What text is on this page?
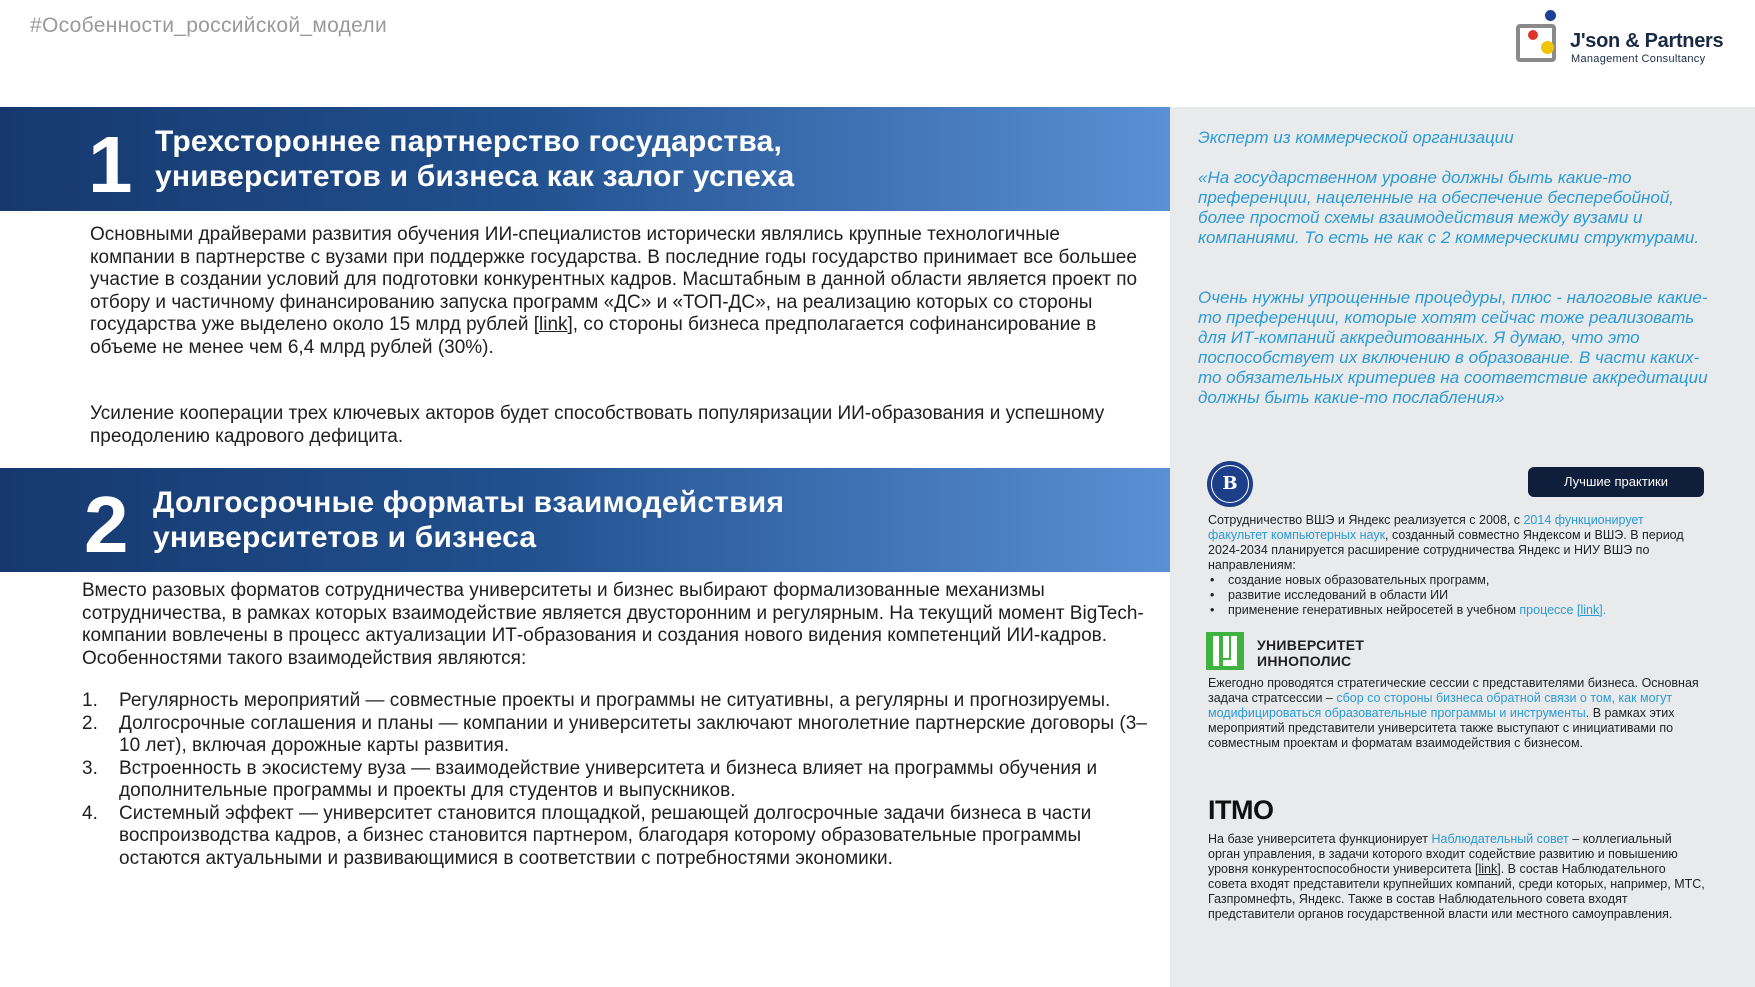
#Особенности_российской_модели
J'son & Partners
Management Consultancy
1 Трехстороннее партнерство государства,
университетов и бизнеса как залог успеха
Основными драйверами развития обучения ИИ-специалистов исторически являлись крупные технологичные компании в партнерстве с вузами при поддержке государства. В последние годы государство принимает все большее участие в создании условий для подготовки конкурентных кадров. Масштабным в данной области является проект по отбору и частичному финансированию запуска программ «ДС» и «ТОП-ДС», на реализацию которых со стороны государства уже выделено около 15 млрд рублей [link], со стороны бизнеса предполагается софинансирование в объеме не менее чем 6,4 млрд рублей (30%).
Усиление кооперации трех ключевых акторов будет способствовать популяризации ИИ-образования и успешному преодолению кадрового дефицита.
2 Долгосрочные форматы взаимодействия
университетов и бизнеса
Вместо разовых форматов сотрудничества университеты и бизнес выбирают формализованные механизмы сотрудничества, в рамках которых взаимодействие является двусторонним и регулярным. На текущий момент BigTech-компании вовлечены в процесс актуализации ИТ-образования и создания нового видения компетенций ИИ-кадров. Особенностями такого взаимодействия являются:
1. Регулярность мероприятий — совместные проекты и программы не ситуативны, а регулярны и прогнозируемы.
2. Долгосрочные соглашения и планы — компании и университеты заключают многолетние партнерские договоры (3–10 лет), включая дорожные карты развития.
3. Встроенность в экосистему вуза — взаимодействие университета и бизнеса влияет на программы обучения и дополнительные программы и проекты для студентов и выпускников.
4. Системный эффект — университет становится площадкой, решающей долгосрочные задачи бизнеса в части воспроизводства кадров, а бизнес становится партнером, благодаря которому образовательные программы остаются актуальными и развивающимися в соответствии с потребностями экономики.
Эксперт из коммерческой организации
«На государственном уровне должны быть какие-то преференции, нацеленные на обеспечение бесперебойной, более простой схемы взаимодействия между вузами и компаниями. То есть не как с 2 коммерческими структурами.
Очень нужны упрощенные процедуры, плюс - налоговые какие-то преференции, которые хотят сейчас тоже реализовать для ИТ-компаний аккредитованных. Я думаю, что это поспособствует их включению в образование. В части каких-то обязательных критериев на соответствие аккредитации должны быть какие-то послабления»
В	Лучшие практики
Сотрудничество ВШЭ и Яндекс реализуется с 2008, с 2014 функционирует факультет компьютерных наук, созданный совместно Яндексом и ВШЭ. В период 2024-2034 планируется расширение сотрудничества Яндекс и НИУ ВШЭ по направлениям:
• создание новых образовательных программ,
• развитие исследований в области ИИ
• применение генеративных нейросетей в учебном процессе [link].
УНИВЕРСИТЕТ
ИННОПОЛИС
Ежегодно проводятся стратегические сессии с представителями бизнеса. Основная задача стратсессии – сбор со стороны бизнеса обратной связи о том, как могут модифицироваться образовательные программы и инструменты. В рамках этих мероприятий представители университета также выступают с инициативами по совместным проектам и форматам взаимодействия с бизнесом.
ITMO
На базе университета функционирует Наблюдательный совет – коллегиальный орган управления, в задачи которого входит содействие развитию и повышению уровня конкурентоспособности университета [link]. В состав Наблюдательного совета входят представители крупнейших компаний, среди которых, например, МТС, Газпромнефть, Яндекс. Также в состав Наблюдательного совета входят представители органов государственной власти или местного самоуправления.
